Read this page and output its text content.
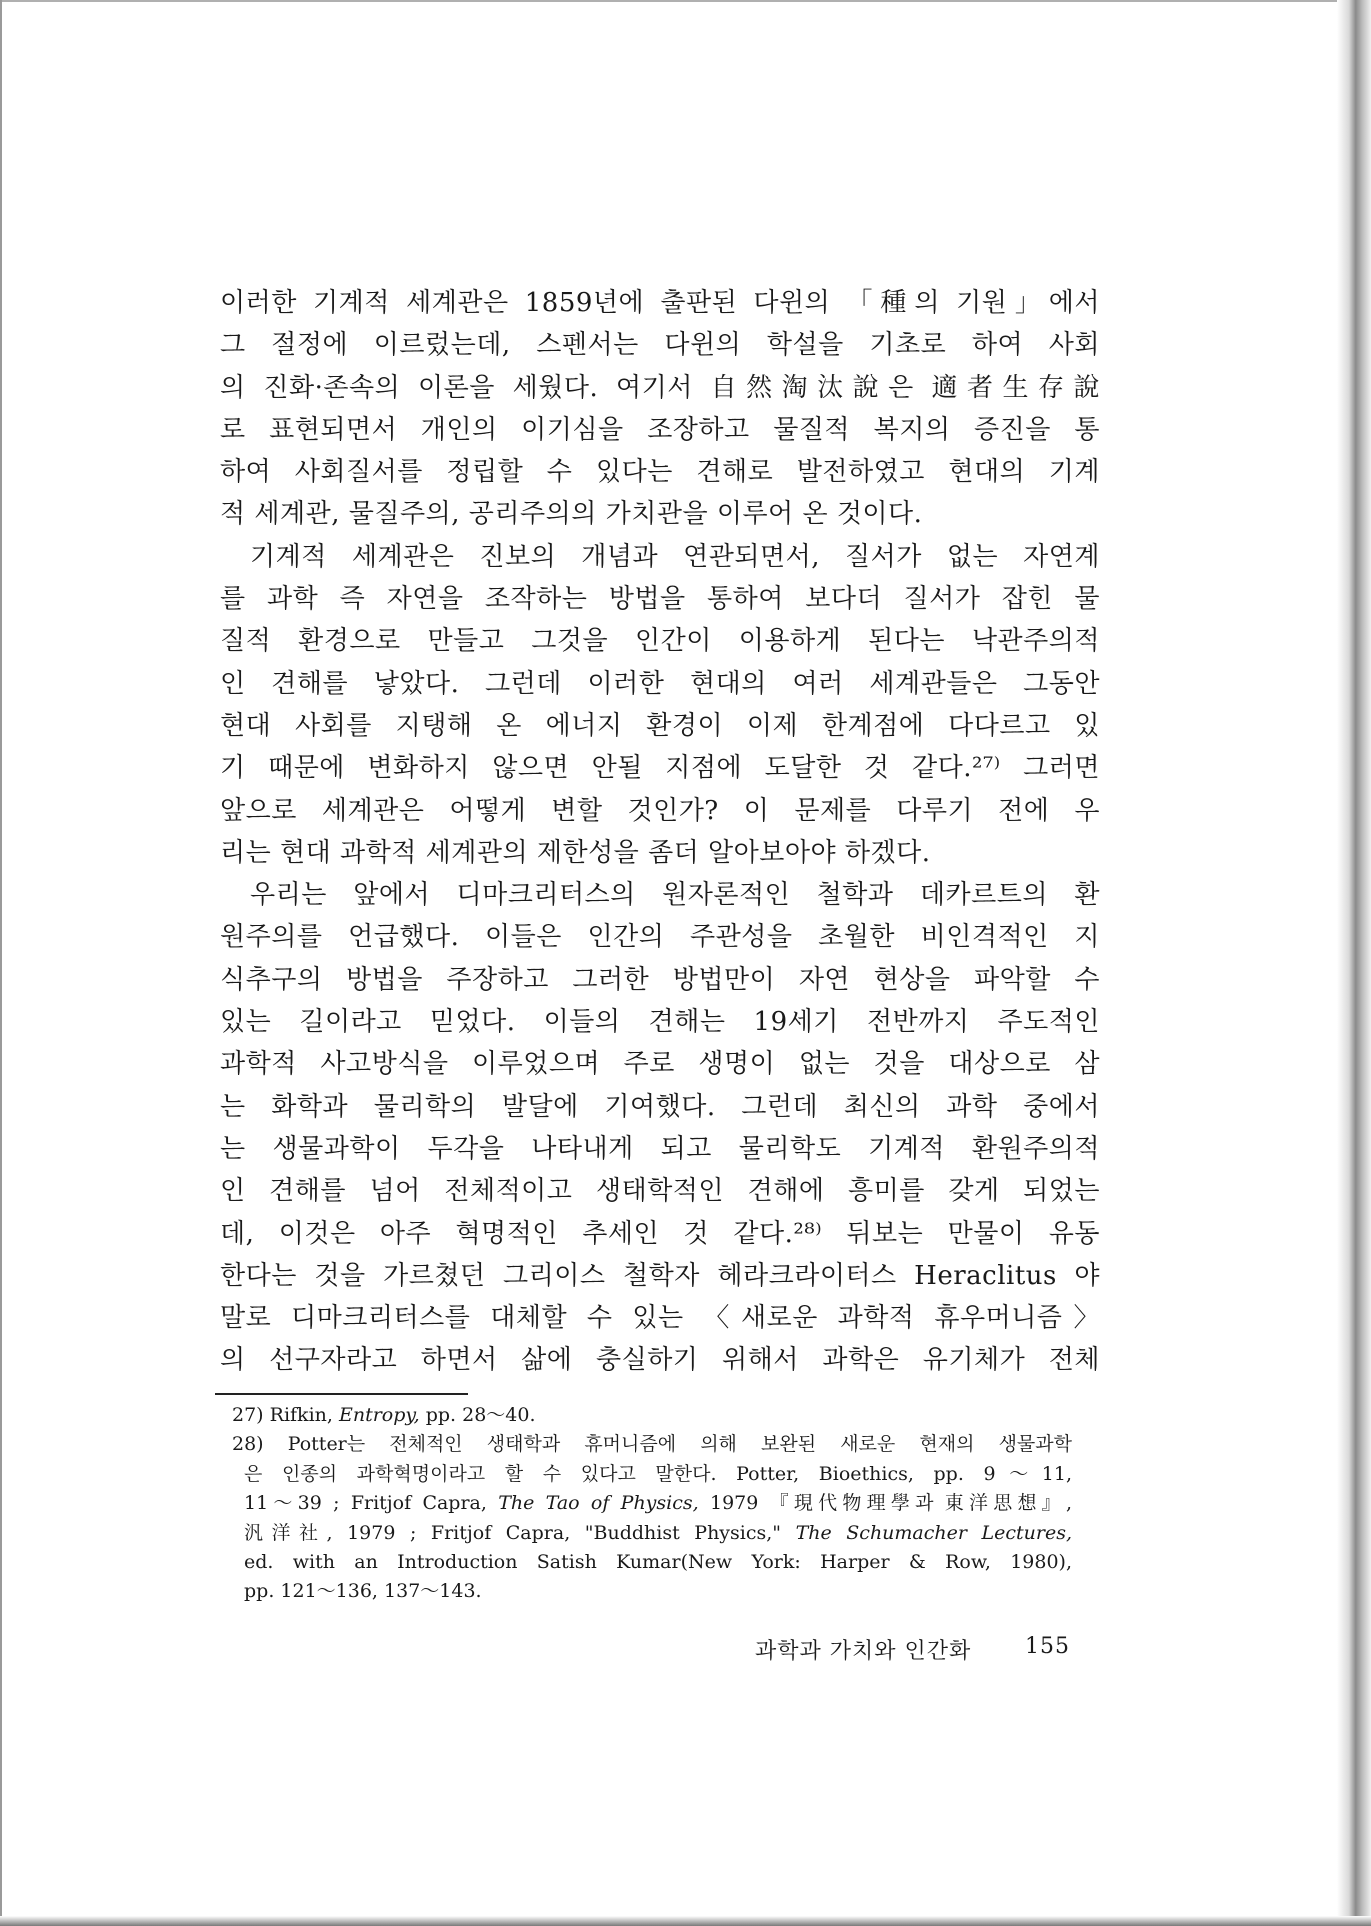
이러한 기계적 세계관은 1859년에 출판된 다윈의 「種의 기원」에서
그 절정에 이르렀는데, 스펜서는 다윈의 학설을 기초로 하여 사회
의 진화·존속의 이론을 세웠다. 여기서 自然淘汰說은 適者生存說
로 표현되면서 개인의 이기심을 조장하고 물질적 복지의 증진을 통
하여 사회질서를 정립할 수 있다는 견해로 발전하였고 현대의 기계
적 세계관, 물질주의, 공리주의의 가치관을 이루어 온 것이다.
기계적 세계관은 진보의 개념과 연관되면서, 질서가 없는 자연계
를 과학 즉 자연을 조작하는 방법을 통하여 보다더 질서가 잡힌 물
질적 환경으로 만들고 그것을 인간이 이용하게 된다는 낙관주의적
인 견해를 낳았다. 그런데 이러한 현대의 여러 세계관들은 그동안
현대 사회를 지탱해 온 에너지 환경이 이제 한계점에 다다르고 있
기 때문에 변화하지 않으면 안될 지점에 도달한 것 같다.²⁷⁾ 그러면
앞으로 세계관은 어떻게 변할 것인가? 이 문제를 다루기 전에 우
리는 현대 과학적 세계관의 제한성을 좀더 알아보아야 하겠다.
우리는 앞에서 디마크리터스의 원자론적인 철학과 데카르트의 환
원주의를 언급했다. 이들은 인간의 주관성을 초월한 비인격적인 지
식추구의 방법을 주장하고 그러한 방법만이 자연 현상을 파악할 수
있는 길이라고 믿었다. 이들의 견해는 19세기 전반까지 주도적인
과학적 사고방식을 이루었으며 주로 생명이 없는 것을 대상으로 삼
는 화학과 물리학의 발달에 기여했다. 그런데 최신의 과학 중에서
는 생물과학이 두각을 나타내게 되고 물리학도 기계적 환원주의적
인 견해를 넘어 전체적이고 생태학적인 견해에 흥미를 갖게 되었는
데, 이것은 아주 혁명적인 추세인 것 같다.²⁸⁾ 뒤보는 만물이 유동
한다는 것을 가르쳤던 그리이스 철학자 헤라크라이터스 Heraclitus 야
말로 디마크리터스를 대체할 수 있는 〈새로운 과학적 휴우머니즘〉
의 선구자라고 하면서 삶에 충실하기 위해서 과학은 유기체가 전체
27) Rifkin, Entropy, pp. 28～40.
28) Potter는 전체적인 생태학과 휴머니즘에 의해 보완된 새로운 현재의 생물과학
은 인종의 과학혁명이라고 할 수 있다고 말한다. Potter, Bioethics, pp. 9～11,
11～39 ; Fritjof Capra, The Tao of Physics, 1979 『現代物理學과 東洋思想』,
汎洋社, 1979 ; Fritjof Capra, "Buddhist Physics," The Schumacher Lectures,
ed. with an Introduction Satish Kumar(New York: Harper & Row, 1980),
pp. 121～136, 137～143.
과학과 가치와 인간화 155
